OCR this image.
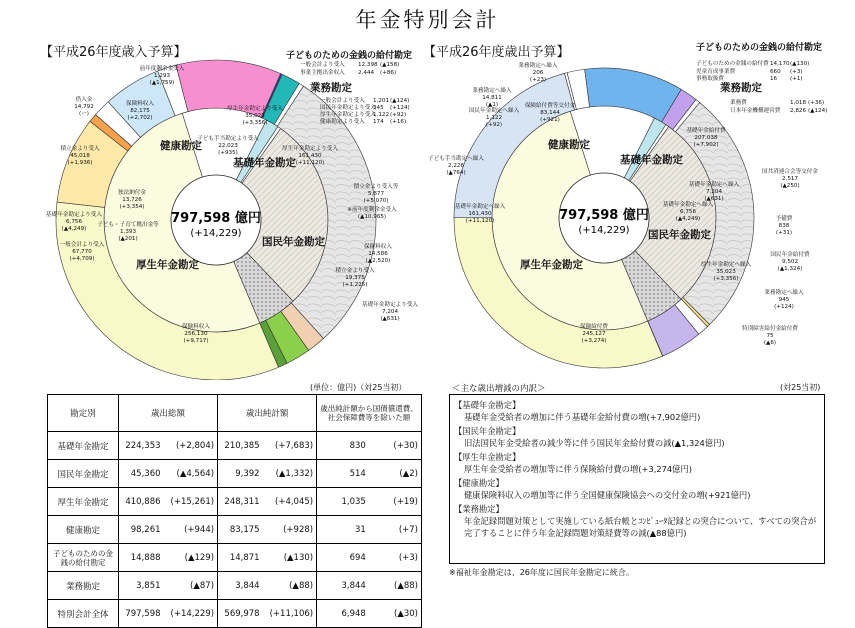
年金特別会計
【平成26年度歳入予算】	【平成26年度歳出予算】
健康勘定
基礎年金勘定
国民年金勘定
厚生年金勘定
業務勘定
子どものための金銭の給付勘定
一般会計より受入 12,398 (▲158)
事業主拠出金収入 2,444 (+86)
一般会計より受入 1,201 (▲124)
国民年金勘定より受入
345 (+124)
厚生年金勘定より受入
1,122 (+92)
健康勘定より受入 174 (+16)
前年度剰余金受入
1,293
(▲1,759)
保険料収入
82,175
(+2,702)
借入金
14,792
(ー)
積立金より受入
45,018
(+1,936)
独法納付金
13,726
(+3,354)
子ども・子育て拠出金等
1,393
(▲201)
基礎年金勘定より受入
6,756
(▲4,249)
一般会計より受入
67,770
(+4,709)
保険料収入
256,130
(+9,717)
基礎年金勘定より受入
7,204
(▲631)
積立金より受入
19,375
(+1,225)
保険料収入
14,586
(▲2,520)
※前年度剰余金受入
(▲10,965)
積立金より受入等
5,877
(+5,070)
厚生年金勘定より受入
161,430
(+11,120)
子ども手当勘定より受入
22,023
(+935)
厚生年金勘定より受入
35,023
(+3,356)
健康勘定
基礎年金勘定
国民年金勘定
厚生年金勘定
業務勘定
子どものための金銭の給付勘定
子どものための金銭の給付費 14,170 (▲130)
児童育成事業費	660 (+3)
事務取扱費	16 (+1)
業務費	1,018 (+36)
日本年金機構運営費 2,826 (▲124)
保険給付費等交付金
83,144
(+921)
基礎年金勘定へ繰入
161,430
(+11,120)
子ども手当勘定へ繰入
2,226
(▲764)
業務勘定へ繰入
14,811
(▲1)
国民年金勘定へ繰入
1,122
(+92)
基礎年金給付費
207,038
(+7,902)
国共済連合会等交付金
2,517
(▲250)
基礎年金勘定へ繰入
7,204
(▲631)
基礎年金勘定へ繰入
6,756
(▲4,249)	予備費
838
(+31)
国民年金給付費
9,502
(▲1,324)
厚生年金勘定へ繰入
35,023
(+3,356)
業務勘定へ繰入
945
(+124)
特別障害給付金給付費
75
(▲6)
保険給付費
245,127
(+3,274)
業務勘定へ繰入
206
(+23)
797,598 億円
(+14,229)
797,598 億円
(+14,229)
(単位：億円)（対25当初）
勘定別	歳出総額		歳出純計額		歳出純計額から国債償還費、社会保障費等を除いた額	
基礎年金勘定	224,353	(+2,804)	210,385	(+7,683)	830	(+30)
国民年金勘定	45,360	(▲4,564)	9,392	(▲1,332)	514	(▲2)
厚生年金勘定	410,886	(+15,261)	248,311	(+4,045)	1,035	(+19)
健康勘定	98,261	(+944)	83,175	(+928)	31	(+7)
子どものための金銭の給付勘定	14,888	(▲129)	14,871	(▲130)	694	(+3)
業務勘定	3,851	(▲87)	3,844	(▲88)	3,844	(▲88)
特別会計全体	797,598	(+14,229)	569,978	(+11,106)	6,948	(▲30)
＜主な歳出増減の内訳＞	(対25当初)
【基礎年金勘定】
基礎年金受給者の増加に伴う基礎年金給付費の増(+7,902億円)
【国民年金勘定】
旧法国民年金受給者の減少等に伴う国民年金給付費の減(▲1,324億円)
【厚生年金勘定】
厚生年金受給者の増加等に伴う保険給付費の増(+3,274億円)
【健康勘定】
健康保険料収入の増加等に伴う全国健康保険協会への交付金の増(+921億円)
【業務勘定】
年金記録問題対策として実施している紙台帳とｺﾝﾋﾟｭｰﾀ記録との突合について、すべての突合が完了することに伴う年金記録問題対策経費等の減(▲88億円)
※福祉年金勘定は、26年度に国民年金勘定に統合。
